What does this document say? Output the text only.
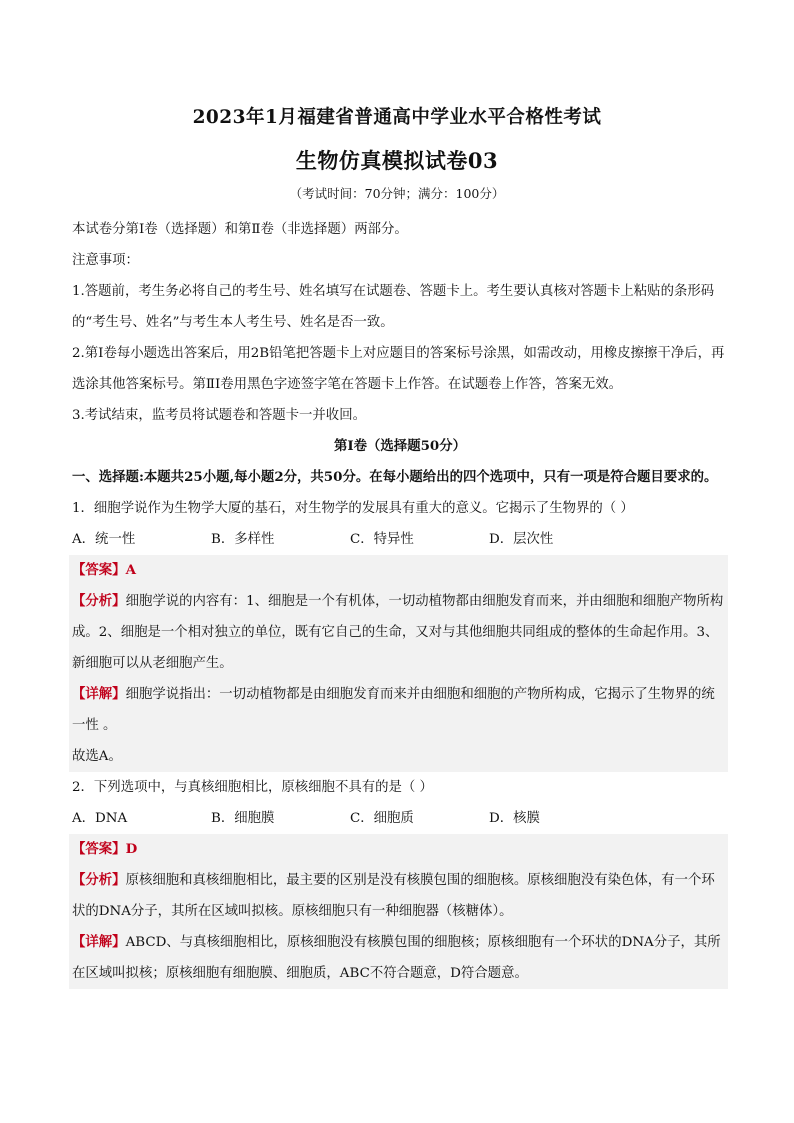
2023年1月福建省普通高中学业水平合格性考试
生物仿真模拟试卷03
（考试时间：70分钟；满分：100分）

本试卷分第Ⅰ卷（选择题）和第Ⅱ卷（非选择题）两部分。

注意事项：

1.答题前，考生务必将自己的考生号、姓名填写在试题卷、答题卡上。考生要认真核对答题卡上粘贴的条形码的“考生号、姓名”与考生本人考生号、姓名是否一致。

2.第Ⅰ卷每小题选出答案后，用2B铅笔把答题卡上对应题目的答案标号涂黑，如需改动，用橡皮擦擦干净后，再选涂其他答案标号。第ⅡⅠ卷用黑色字迹签字笔在答题卡上作答。在试题卷上作答，答案无效。

3.考试结束，监考员将试题卷和答题卡一并收回。

第Ⅰ卷（选择题50分）

一、选择题:本题共25小题,每小题2分，共50分。在每小题给出的四个选项中，只有一项是符合题目要求的。

1．细胞学说作为生物学大厦的基石，对生物学的发展具有重大的意义。它揭示了生物界的（ ）

A．统一性	B．多样性	C．特异性	D．层次性

【答案】A

【分析】细胞学说的内容有：1、细胞是一个有机体，一切动植物都由细胞发育而来，并由细胞和细胞产物所构成。2、细胞是一个相对独立的单位，既有它自己的生命，又对与其他细胞共同组成的整体的生命起作用。3、新细胞可以从老细胞产生。

【详解】细胞学说指出：一切动植物都是由细胞发育而来并由细胞和细胞的产物所构成，它揭示了生物界的统一性 。

故选A。

2．下列选项中，与真核细胞相比，原核细胞不具有的是（ ）

A．DNA	B．细胞膜	C．细胞质	D．核膜

【答案】D

【分析】原核细胞和真核细胞相比，最主要的区别是没有核膜包围的细胞核。原核细胞没有染色体，有一个环状的DNA分子，其所在区域叫拟核。原核细胞只有一种细胞器（核糖体）。

【详解】ABCD、与真核细胞相比，原核细胞没有核膜包围的细胞核；原核细胞有一个环状的DNA分子，其所在区域叫拟核；原核细胞有细胞膜、细胞质，ABC不符合题意，D符合题意。
